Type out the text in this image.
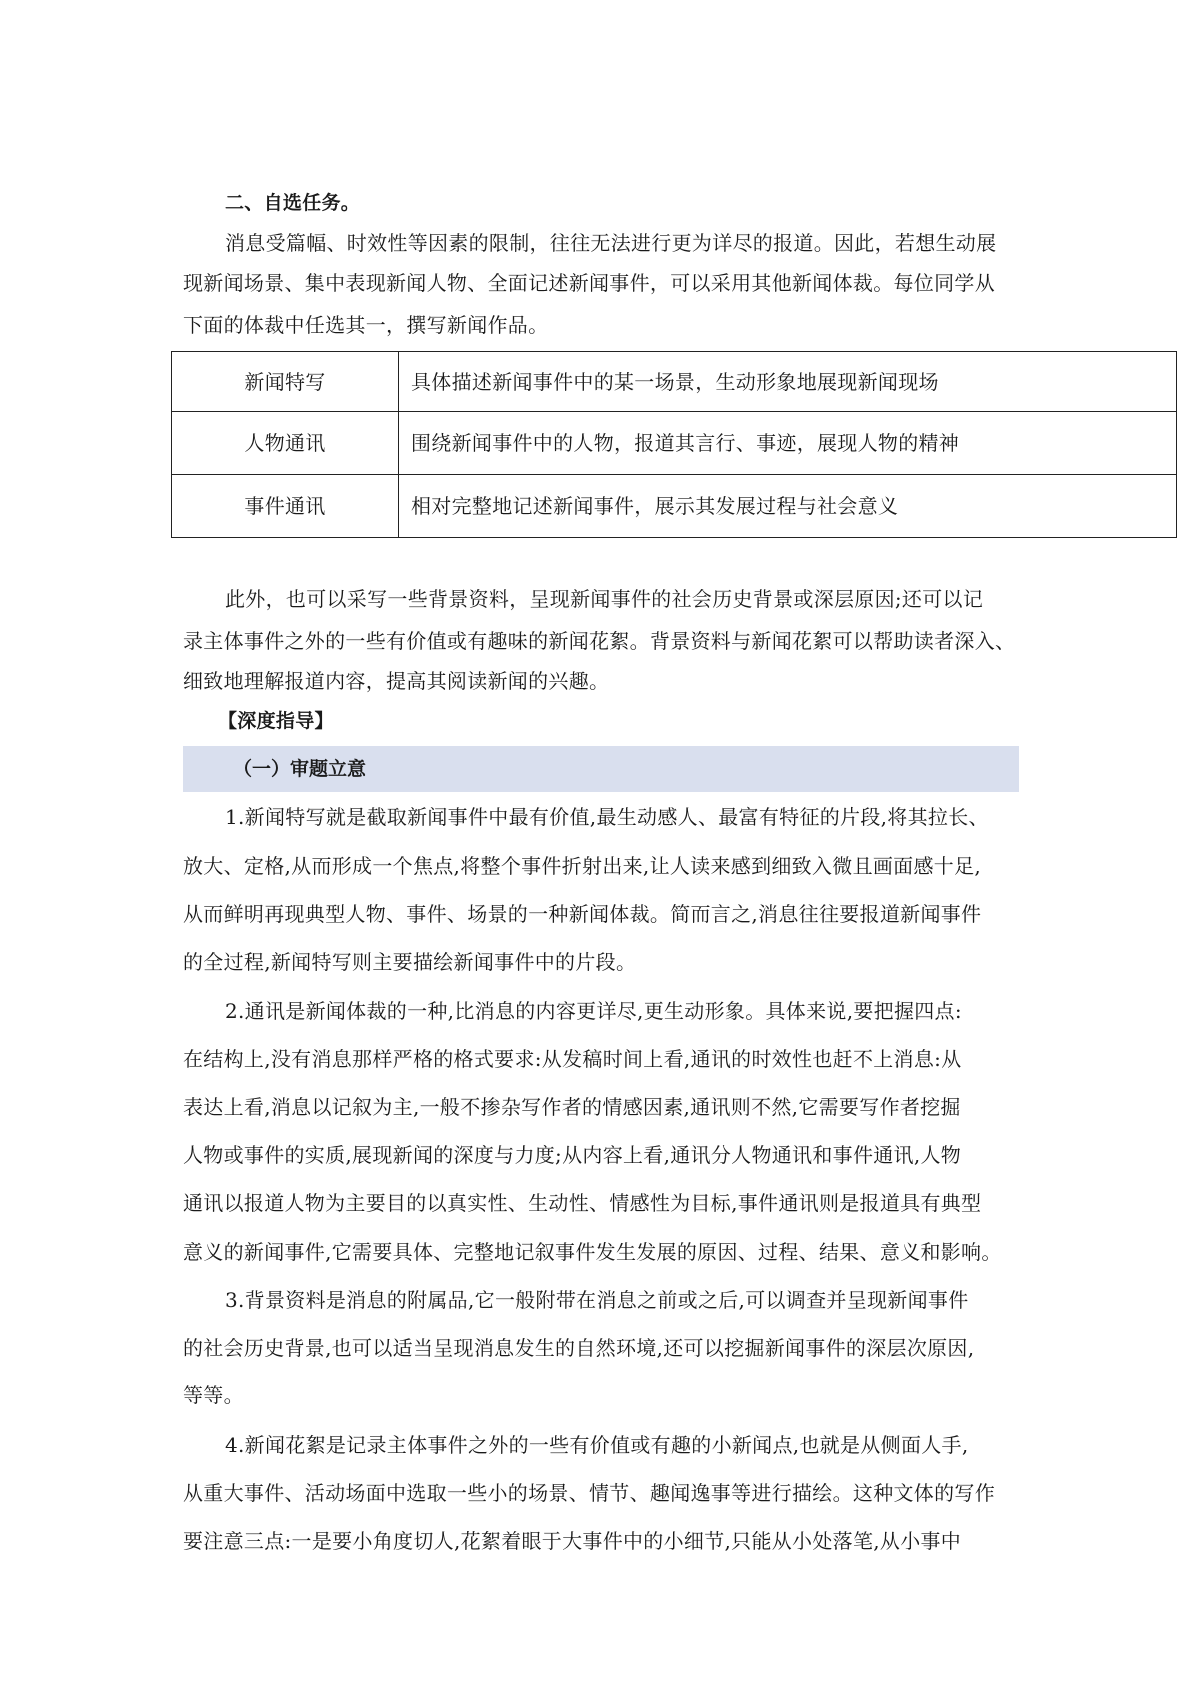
二、自选任务。
消息受篇幅、时效性等因素的限制，往往无法进行更为详尽的报道。因此，若想生动展
现新闻场景、集中表现新闻人物、全面记述新闻事件，可以采用其他新闻体裁。每位同学从
下面的体裁中任选其一，撰写新闻作品。
新闻特写	具体描述新闻事件中的某一场景，生动形象地展现新闻现场
人物通讯	围绕新闻事件中的人物，报道其言行、事迹，展现人物的精神
事件通讯	相对完整地记述新闻事件，展示其发展过程与社会意义
此外，也可以采写一些背景资料，呈现新闻事件的社会历史背景或深层原因;还可以记
录主体事件之外的一些有价值或有趣味的新闻花絮。背景资料与新闻花絮可以帮助读者深入、
细致地理解报道内容，提高其阅读新闻的兴趣。
【深度指导】
（一）审题立意
1.新闻特写就是截取新闻事件中最有价值,最生动感人、最富有特征的片段,将其拉长、
放大、定格,从而形成一个焦点,将整个事件折射出来,让人读来感到细致入微且画面感十足,
从而鲜明再现典型人物、事件、场景的一种新闻体裁。简而言之,消息往往要报道新闻事件
的全过程,新闻特写则主要描绘新闻事件中的片段。
2.通讯是新闻体裁的一种,比消息的内容更详尽,更生动形象。具体来说,要把握四点:
在结构上,没有消息那样严格的格式要求:从发稿时间上看,通讯的时效性也赶不上消息:从
表达上看,消息以记叙为主,一般不掺杂写作者的情感因素,通讯则不然,它需要写作者挖掘
人物或事件的实质,展现新闻的深度与力度;从内容上看,通讯分人物通讯和事件通讯,人物
通讯以报道人物为主要目的以真实性、生动性、情感性为目标,事件通讯则是报道具有典型
意义的新闻事件,它需要具体、完整地记叙事件发生发展的原因、过程、结果、意义和影响。
3.背景资料是消息的附属品,它一般附带在消息之前或之后,可以调查并呈现新闻事件
的社会历史背景,也可以适当呈现消息发生的自然环境,还可以挖掘新闻事件的深层次原因,
等等。
4.新闻花絮是记录主体事件之外的一些有价值或有趣的小新闻点,也就是从侧面人手,
从重大事件、活动场面中选取一些小的场景、情节、趣闻逸事等进行描绘。这种文体的写作
要注意三点:一是要小角度切人,花絮着眼于大事件中的小细节,只能从小处落笔,从小事中
